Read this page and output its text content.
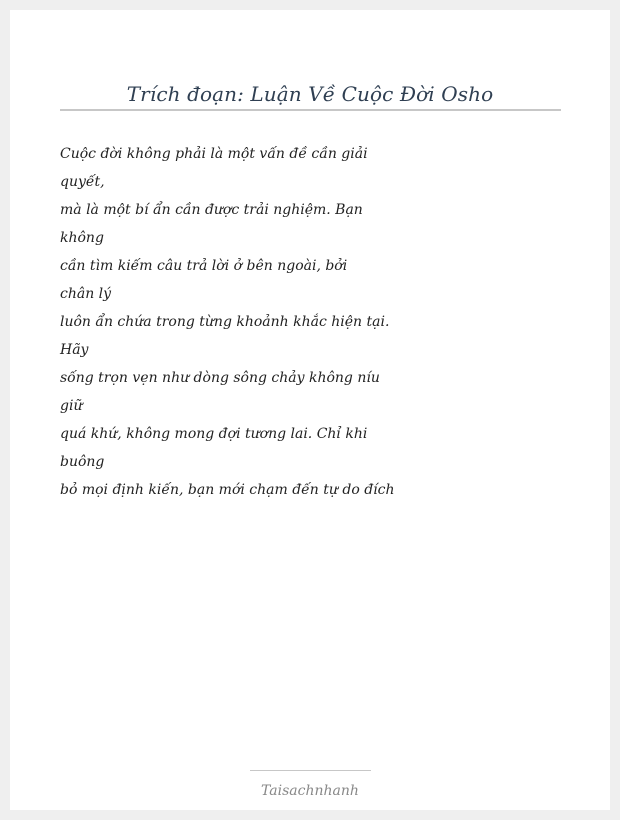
Trích đoạn: Luận Về Cuộc Đời Osho
Cuộc đời không phải là một vấn đề cần giải
quyết,
mà là một bí ẩn cần được trải nghiệm. Bạn
không
cần tìm kiếm câu trả lời ở bên ngoài, bởi
chân lý
luôn ẩn chứa trong từng khoảnh khắc hiện tại.
Hãy
sống trọn vẹn như dòng sông chảy không níu
giữ
quá khứ, không mong đợi tương lai. Chỉ khi
buông
bỏ mọi định kiến, bạn mới chạm đến tự do đích
Taisachnhanh
